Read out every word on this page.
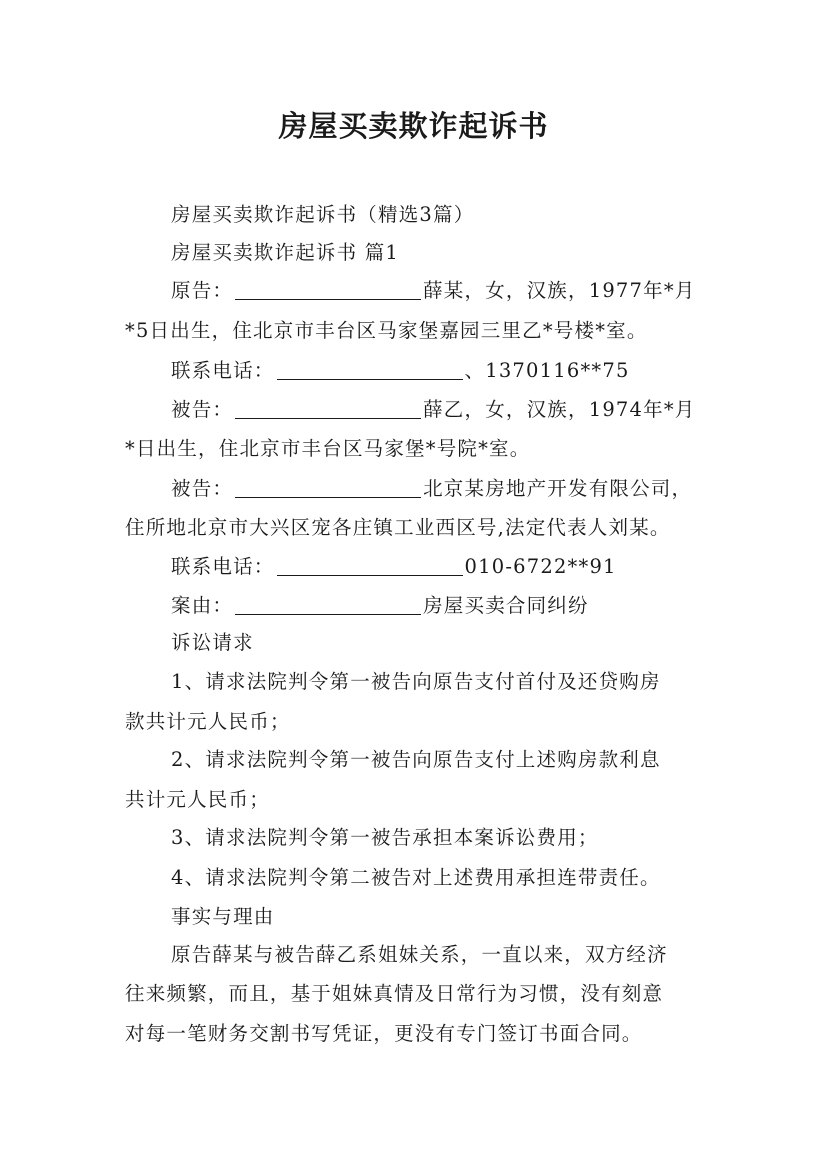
房屋买卖欺诈起诉书
房屋买卖欺诈起诉书（精选3篇）
房屋买卖欺诈起诉书 篇1
原告：	薛某，女，汉族，1977年*月
*5日出生，住北京市丰台区马家堡嘉园三里乙*号楼*室。
联系电话：	、1370116**75
被告：	薛乙，女，汉族，1974年*月
*日出生，住北京市丰台区马家堡*号院*室。
被告：	北京某房地产开发有限公司，
住所地北京市大兴区宠各庄镇工业西区号,法定代表人刘某。
联系电话：	010-6722**91
案由：	房屋买卖合同纠纷
诉讼请求
1、请求法院判令第一被告向原告支付首付及还贷购房
款共计元人民币；
2、请求法院判令第一被告向原告支付上述购房款利息
共计元人民币；
3、请求法院判令第一被告承担本案诉讼费用；
4、请求法院判令第二被告对上述费用承担连带责任。
事实与理由
原告薛某与被告薛乙系姐妹关系，一直以来，双方经济
往来频繁，而且，基于姐妹真情及日常行为习惯，没有刻意
对每一笔财务交割书写凭证，更没有专门签订书面合同。
